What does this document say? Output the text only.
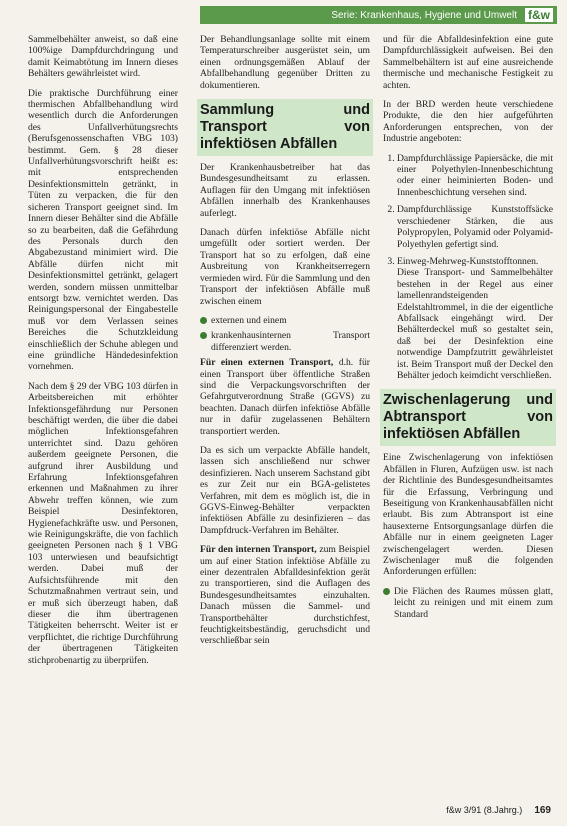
Serie: Krankenhaus, Hygiene und Umwelt f&w

Sammelbehälter anweist, so daß eine 100%ige Dampfdurchdringung und damit Keimabtötung im Innern dieses Behälters gewährleistet wird.

Die praktische Durchführung einer thermischen Abfallbehandlung wird wesentlich durch die Anforderungen des Unfallverhütungsrechts (Berufsgenossenschaften VBG 103) bestimmt. Gem. § 28 dieser Unfallverhütungsvorschrift heißt es: mit entsprechenden Desinfektionsmitteln getränkt, in Tüten zu verpacken, die für den sicheren Transport geeignet sind. Im Innern dieser Behälter sind die Abfälle so zu bearbeiten, daß die Gefährdung des Personals durch den Abgabezustand minimiert wird. Die Abfälle dürfen nicht mit Desinfektionsmittel getränkt, gelagert werden, sondern müssen unmittelbar entsorgt bzw. vernichtet werden. Das Reinigungspersonal der Eingabestelle muß vor dem Verlassen seines Bereiches die Schutzkleidung einschließlich der Schuhe ablegen und eine gründliche Händedesinfektion vornehmen.

Nach dem § 29 der VBG 103 dürfen in Arbeitsbereichen mit erhöhter Infektionsgefährdung nur Personen beschäftigt werden, die über die dabei möglichen Infektionsgefahren unterrichtet sind. Dazu gehören außerdem geeignete Personen, die aufgrund ihrer Ausbildung und Erfahrung Infektionsgefahren erkennen und Maßnahmen zu ihrer Abwehr treffen können, wie zum Beispiel Desinfektoren, Hygienefachkräfte usw. und Personen, wie Reinigungskräfte, die von fachlich geeigneten Personen nach § 1 VBG 103 unterwiesen und beaufsichtigt werden. Dabei muß der Aufsichtsführende mit den Schutzmaßnahmen vertraut sein, und er muß sich überzeugt haben, daß dieser die ihm übertragenen Tätigkeiten beherrscht. Weiter ist er verpflichtet, die richtige Durchführung der übertragenen Tätigkeiten stichprobenartig zu überprüfen.

Der Behandlungsanlage sollte mit einem Temperaturschreiber ausgerüstet sein, um einen ordnungsgemäßen Ablauf der Abfallbehandlung gegenüber Dritten zu dokumentieren.

Sammlung und Transport von infektiösen Abfällen

Der Krankenhausbetreiber hat das Bundesgesundheitsamt zu erlassen. Auflagen für den Umgang mit infektiösen Abfällen innerhalb des Krankenhauses auferlegt.

Danach dürfen infektiöse Abfälle nicht umgefüllt oder sortiert werden. Der Transport hat so zu erfolgen, daß eine Ausbreitung von Krankheitserregern vermieden wird. Für die Sammlung und den Transport der infektiösen Abfälle muß zwischen einem

externen und einem
krankenhausinternen Transport differenziert werden.

Für einen externen Transport, d.h. für einen Transport über öffentliche Straßen sind die Verpackungsvorschriften der Gefahrgutverordnung Straße (GGVS) zu beachten. Danach dürfen infektiöse Abfälle nur in dafür zugelassenen Behältern transportiert werden.

Da es sich um verpackte Abfälle handelt, lassen sich anschließend nur schwer desinfizieren. Nach unserem Sachstand gibt es zur Zeit nur ein BGA-gelistetes Verfahren, mit dem es möglich ist, die in GGVS-Einweg-Behälter verpackten infektiösen Abfälle zu desinfizieren – das Dampfdruck-Verfahren im Behälter.

Für den internen Transport, zum Beispiel um auf einer Station infektiöse Abfälle zu einer dezentralen Abfalldesinfektion gerät zu transportieren, sind die Auflagen des Bundesgesundheitsamtes einzuhalten. Danach müssen die Sammel- und Transportbehälter durchstichfest, feuchtigkeitsbeständig, geruchsdicht und verschließbar sein

und für die Abfalldesinfektion eine gute Dampfdurchlässigkeit aufweisen. Bei den Sammelbehältern ist auf eine ausreichende thermische und mechanische Festigkeit zu achten.

In der BRD werden heute verschiedene Produkte, die den hier aufgeführten Anforderungen entsprechen, von der Industrie angeboten:

1. Dampfdurchlässige Papiersäcke, die mit einer Polyethylen-Innenbeschichtung oder einer heiminierten Boden- und Innenbeschichtung versehen sind.
2. Dampfdurchlässige Kunststoffsäcke verschiedener Stärken, die aus Polypropylen, Polyamid oder Polyamid-Polyethylen gefertigt sind.
3. Einweg-Mehrweg-Kunststofftonnen. Diese Transport- und Sammelbehälter bestehen in der Regel aus einer lamellenrandsteigenden Edelstahltrommel, in die der eigentliche Abfallsack eingehängt wird. Der Behälterdeckel muß so gestaltet sein, daß bei der Desinfektion eine notwendige Dampfzutritt gewährleistet ist. Beim Transport muß der Deckel den Behälter jedoch keimdicht verschließen.
Zwischenlagerung und Abtransport von infektiösen Abfällen

Eine Zwischenlagerung von infektiösen Abfällen in Fluren, Aufzügen usw. ist nach der Richtlinie des Bundesgesundheitsamtes für die Erfassung, Verbringung und Beseitigung von Krankenhausabfällen nicht erlaubt. Bis zum Abtransport ist eine hausexterne Entsorgungsanlage dürfen die Abfälle nur in einem geeigneten Lager zwischengelagert werden. Diesen Zwischenlager muß die folgenden Anforderungen erfüllen:

Die Flächen des Raumes müssen glatt, leicht zu reinigen und mit einem zum Standard
f&w 3/91 (8.Jahrg.) 169
